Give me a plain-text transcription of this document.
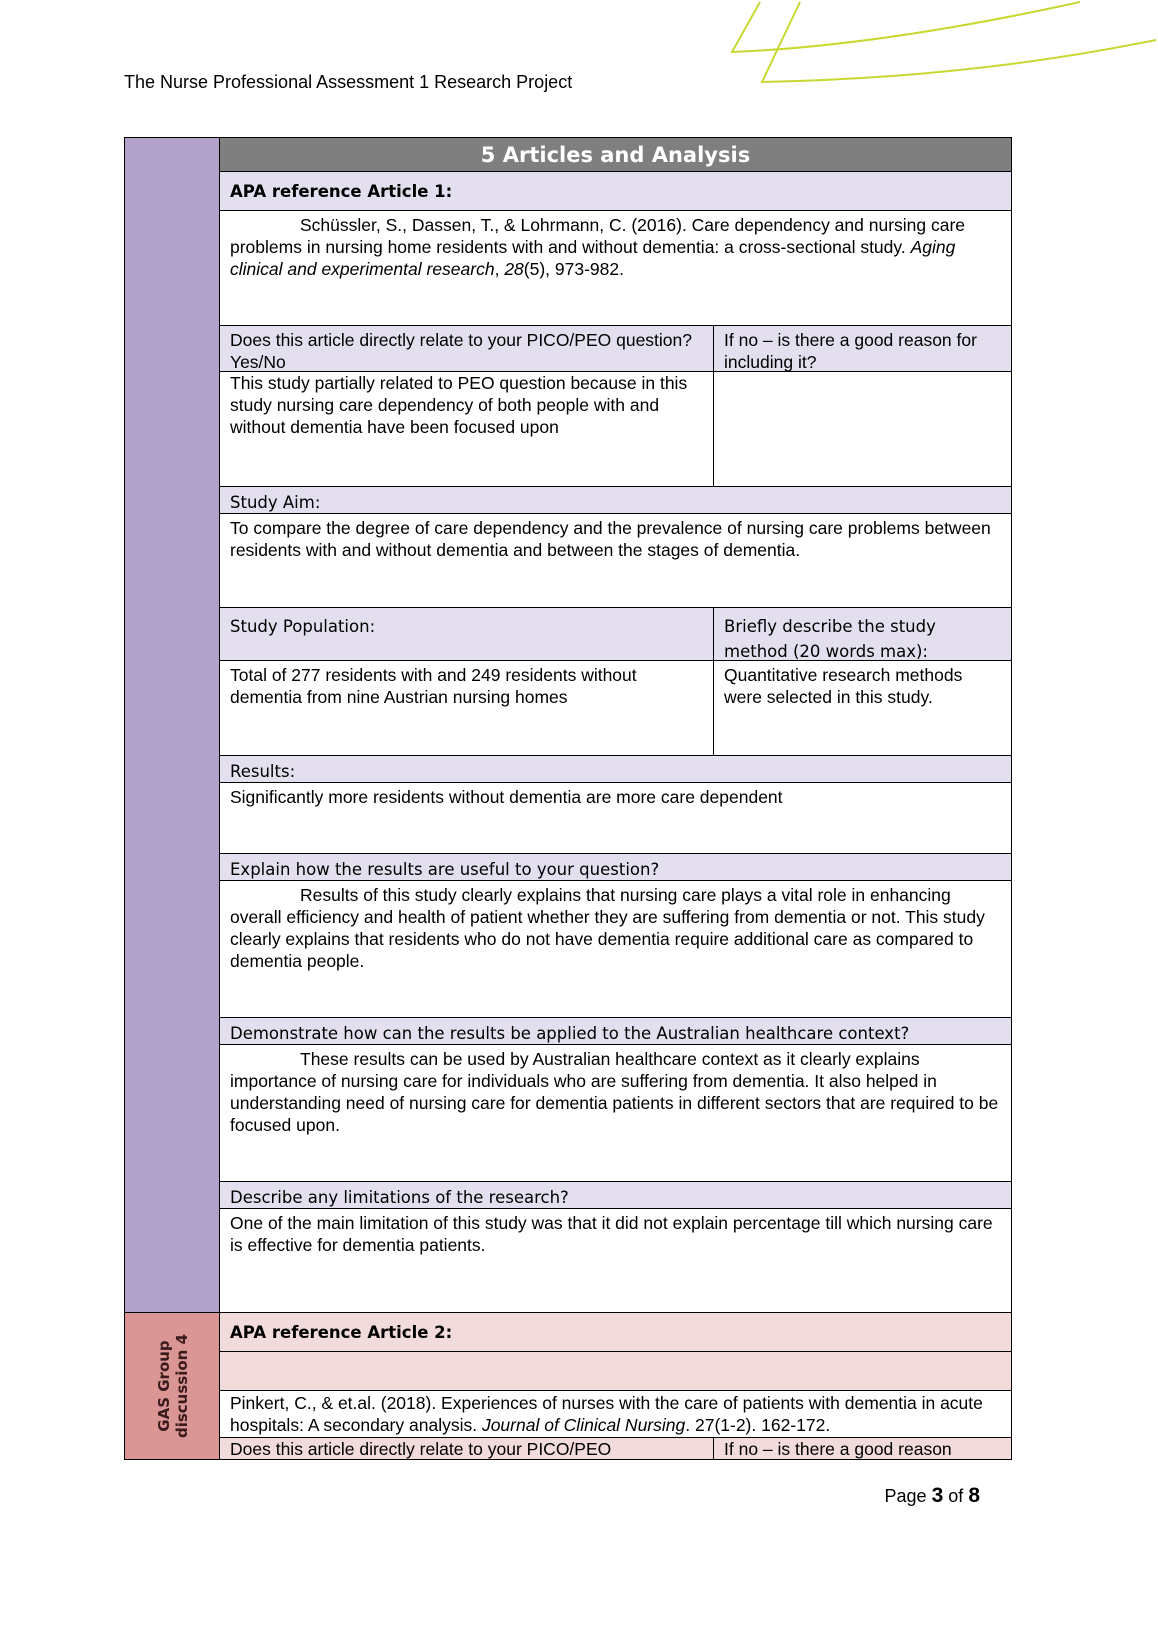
The Nurse Professional Assessment 1 Research Project
GAS Group discussion 4
5 Articles and Analysis
APA reference Article 1:
Schüssler, S., Dassen, T., & Lohrmann, C. (2016). Care dependency and nursing care problems in nursing home residents with and without dementia: a cross-sectional study. Aging clinical and experimental research, 28(5), 973-982.
Does this article directly relate to your PICO/PEO question? Yes/No
If no – is there a good reason for including it?
This study partially related to PEO question because in this study nursing care dependency of both people with and without dementia have been focused upon
Study Aim:
To compare the degree of care dependency and the prevalence of nursing care problems between residents with and without dementia and between the stages of dementia.
Study Population:	Briefly describe the study method (20 words max):
Total of 277 residents with and 249 residents without dementia from nine Austrian nursing homes
Quantitative research methods were selected in this study.
Results:
Significantly more residents without dementia are more care dependent
Explain how the results are useful to your question?
Results of this study clearly explains that nursing care plays a vital role in enhancing overall efficiency and health of patient whether they are suffering from dementia or not. This study clearly explains that residents who do not have dementia require additional care as compared to dementia people.
Demonstrate how can the results be applied to the Australian healthcare context?
These results can be used by Australian healthcare context as it clearly explains importance of nursing care for individuals who are suffering from dementia. It also helped in understanding need of nursing care for dementia patients in different sectors that are required to be focused upon.
Describe any limitations of the research?
One of the main limitation of this study was that it did not explain percentage till which nursing care is effective for dementia patients.
APA reference Article 2:
Pinkert, C., & et.al. (2018). Experiences of nurses with the care of patients with dementia in acute hospitals: A secondary analysis. Journal of Clinical Nursing. 27(1-2). 162-172.
Does this article directly relate to your PICO/PEO	If no – is there a good reason
Page 3 of 8
